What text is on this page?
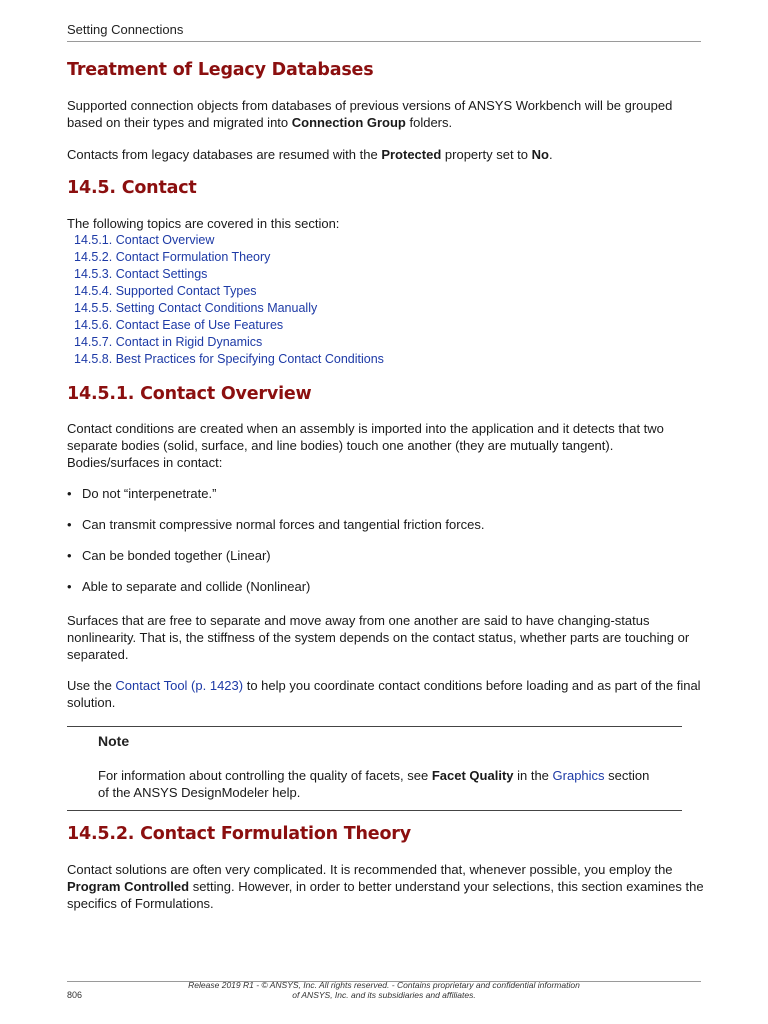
Setting Connections
Treatment of Legacy Databases

Supported connection objects from databases of previous versions of ANSYS Workbench will be grouped based on their types and migrated into Connection Group folders.

Contacts from legacy databases are resumed with the Protected property set to No.

14.5. Contact

The following topics are covered in this section:

14.5.1. Contact Overview
14.5.2. Contact Formulation Theory
14.5.3. Contact Settings
14.5.4. Supported Contact Types
14.5.5. Setting Contact Conditions Manually
14.5.6. Contact Ease of Use Features
14.5.7. Contact in Rigid Dynamics
14.5.8. Best Practices for Specifying Contact Conditions
14.5.1. Contact Overview

Contact conditions are created when an assembly is imported into the application and it detects that two separate bodies (solid, surface, and line bodies) touch one another (they are mutually tangent). Bodies/surfaces in contact:

• Do not “interpenetrate.”
• Can transmit compressive normal forces and tangential friction forces.
• Can be bonded together (Linear)
• Able to separate and collide (Nonlinear)

Surfaces that are free to separate and move away from one another are said to have changing-status nonlinearity. That is, the stiffness of the system depends on the contact status, whether parts are touching or separated.

Use the Contact Tool (p. 1423) to help you coordinate contact conditions before loading and as part of the final solution.

Note
For information about controlling the quality of facets, see Facet Quality in the Graphics section of the ANSYS DesignModeler help.
14.5.2. Contact Formulation Theory

Contact solutions are often very complicated. It is recommended that, whenever possible, you employ the Program Controlled setting. However, in order to better understand your selections, this section examines the specifics of Formulations.

Release 2019 R1 - © ANSYS, Inc. All rights reserved. - Contains proprietary and confidential information
of ANSYS, Inc. and its subsidiaries and affiliates.
806
